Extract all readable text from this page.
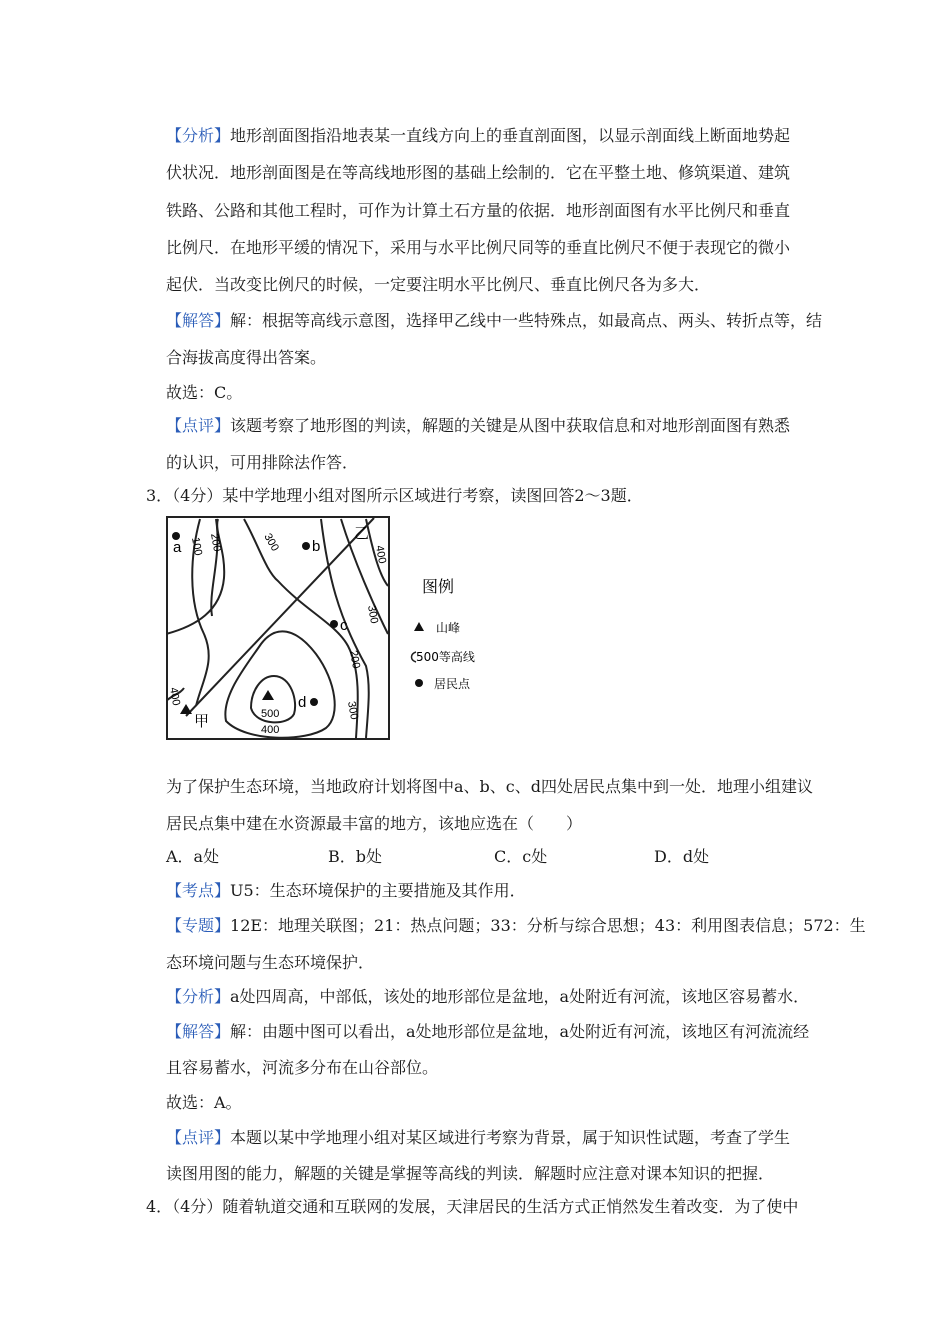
【分析】地形剖面图指沿地表某一直线方向上的垂直剖面图，以显示剖面线上断面地势起
伏状况．地形剖面图是在等高线地形图的基础上绘制的．它在平整土地、修筑渠道、建筑
铁路、公路和其他工程时，可作为计算土石方量的依据．地形剖面图有水平比例尺和垂直
比例尺．在地形平缓的情况下，采用与水平比例尺同等的垂直比例尺不便于表现它的微小
起伏．当改变比例尺的时候，一定要注明水平比例尺、垂直比例尺各为多大．
【解答】解：根据等高线示意图，选择甲乙线中一些特殊点，如最高点、两头、转折点等，结
合海拔高度得出答案。
故选：C。
【点评】该题考察了地形图的判读，解题的关键是从图中获取信息和对地形剖面图有熟悉
的认识，可用排除法作答．
3．（4分）某中学地理小组对图所示区域进行考察，读图回答2～3题．
100 200	300
400
300
200
300
400
500
400
a	b
c
d
甲
乙
图例
山峰
500等高线
居民点
为了保护生态环境，当地政府计划将图中a、b、c、d四处居民点集中到一处．地理小组建议
居民点集中建在水资源最丰富的地方，该地应选在（　　）
A．a处	B．b处	C．c处	D．d处
【考点】U5：生态环境保护的主要措施及其作用．
【专题】12E：地理关联图；21：热点问题；33：分析与综合思想；43：利用图表信息；572：生
态环境问题与生态环境保护．
【分析】a处四周高，中部低，该处的地形部位是盆地，a处附近有河流，该地区容易蓄水．
【解答】解：由题中图可以看出，a处地形部位是盆地，a处附近有河流，该地区有河流流经
且容易蓄水，河流多分布在山谷部位。
故选：A。
【点评】本题以某中学地理小组对某区域进行考察为背景，属于知识性试题，考查了学生
读图用图的能力，解题的关键是掌握等高线的判读．解题时应注意对课本知识的把握．
4．（4分）随着轨道交通和互联网的发展，天津居民的生活方式正悄然发生着改变．为了使中
